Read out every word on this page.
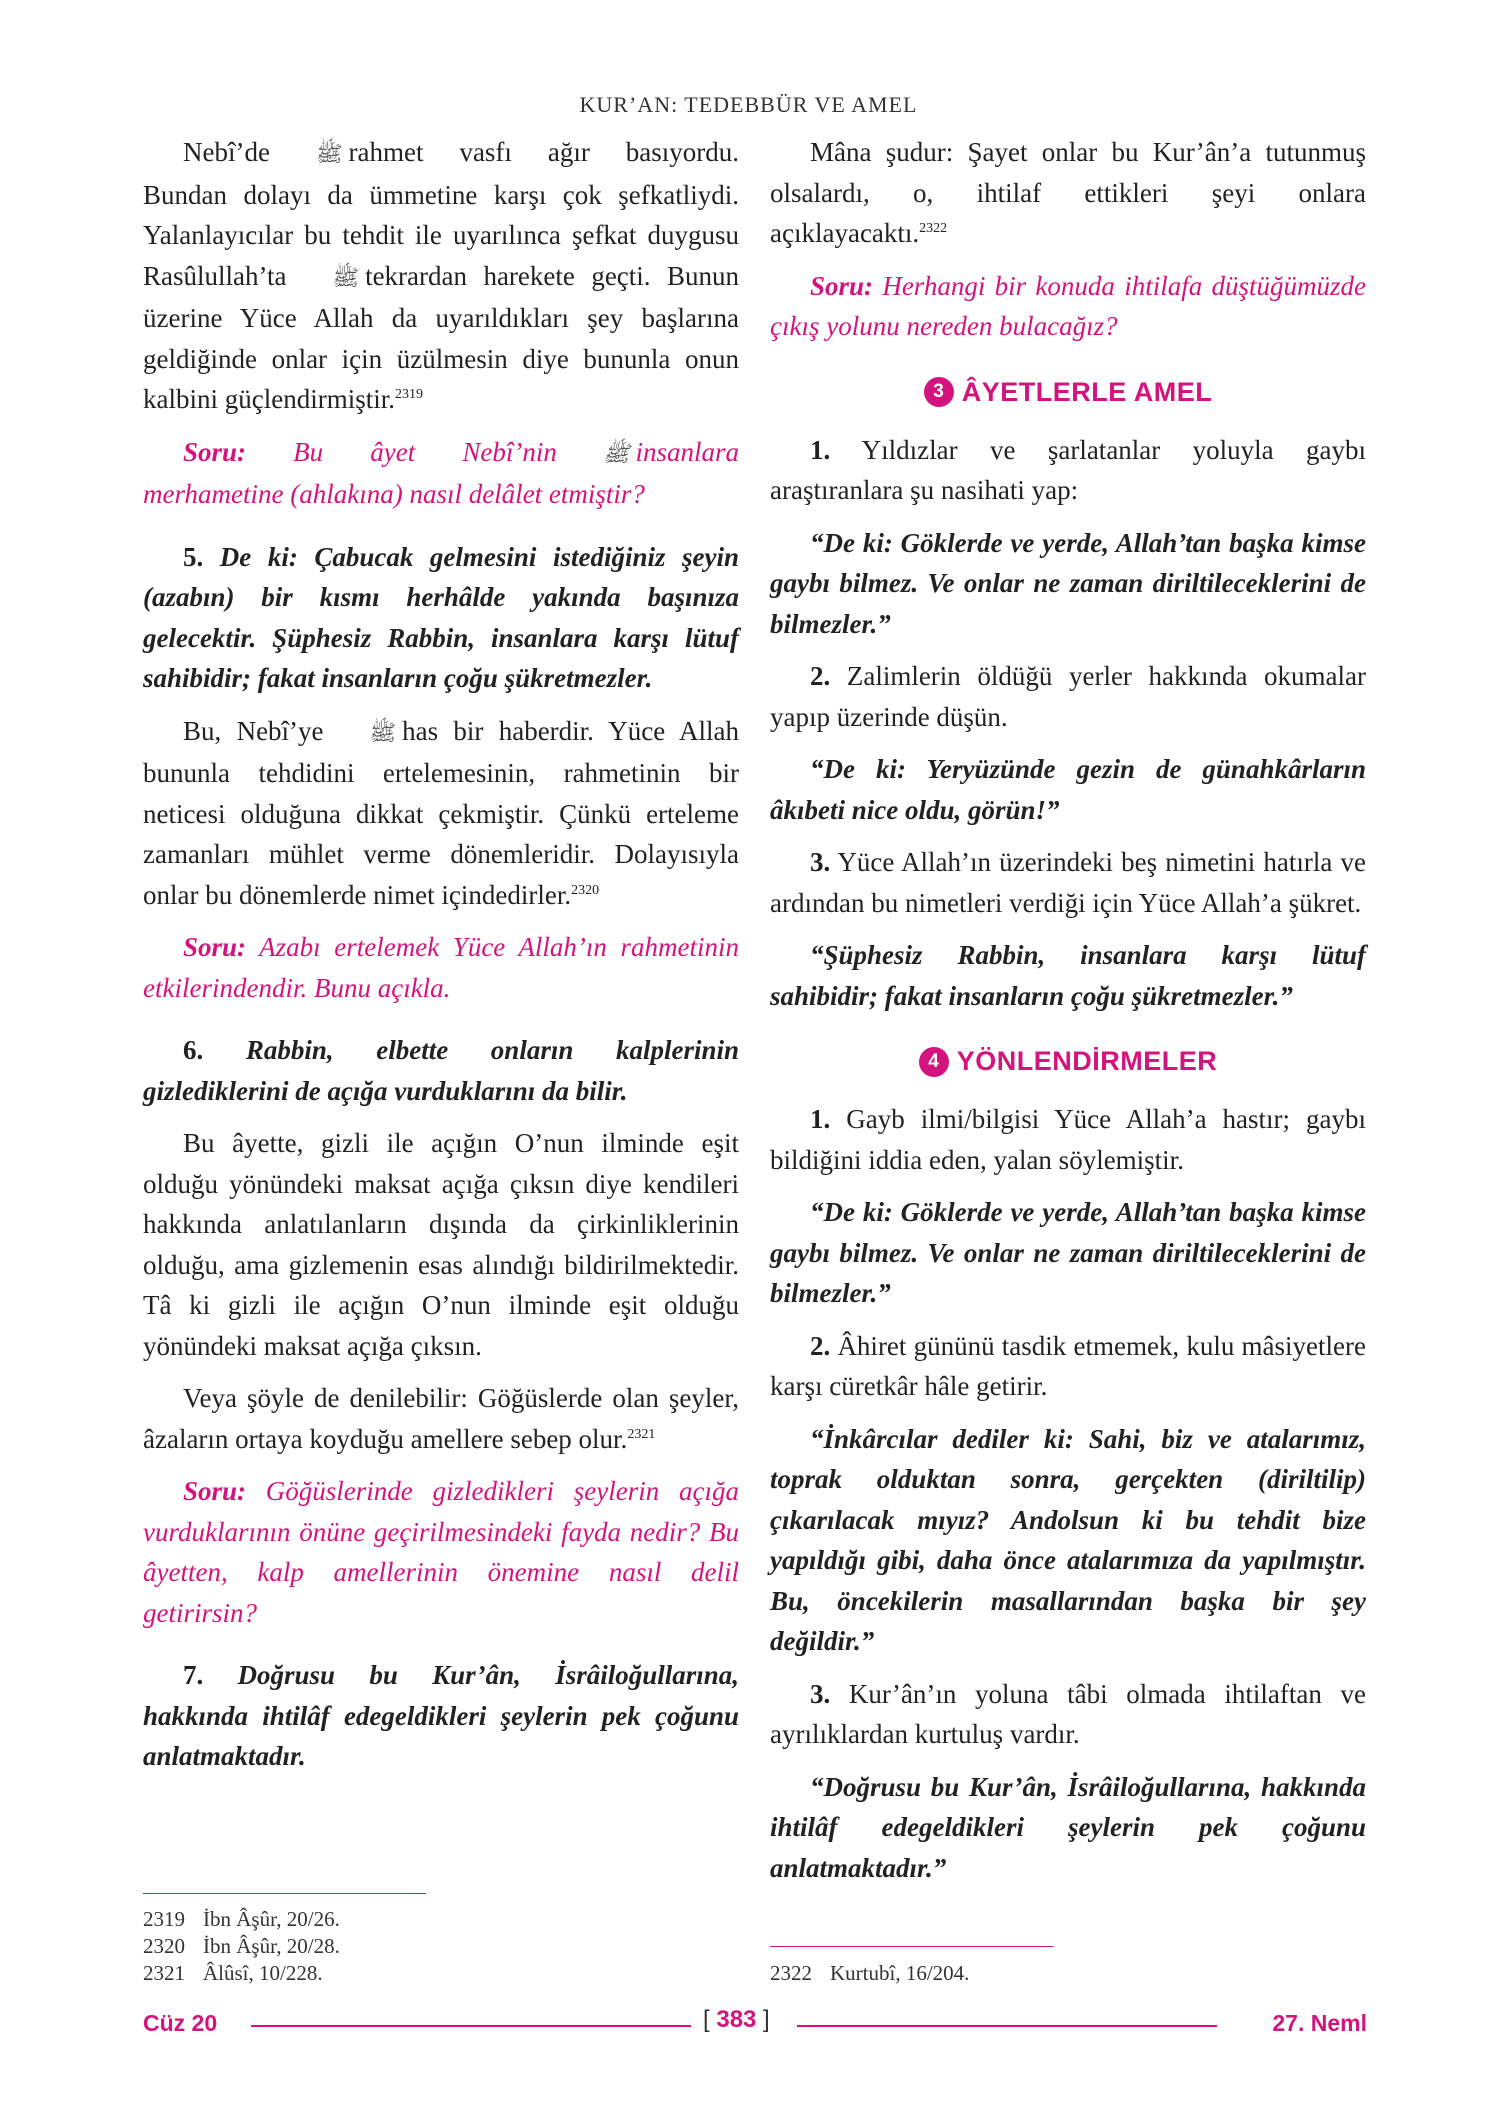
KUR’AN: TEDEBBÜR VE AMEL

Nebî’de ﷺ rahmet vasfı ağır basıyordu. Bundan dolayı da ümmetine karşı çok şefkatliydi. Yalanlayıcılar bu tehdit ile uyarılınca şefkat duygusu Rasûlullah’ta ﷺ tekrardan harekete geçti. Bunun üzerine Yüce Allah da uyarıldıkları şey başlarına geldiğinde onlar için üzülmesin diye bununla onun kalbini güçlendirmiştir.$^{2319}$

Soru: Bu âyet Nebî’nin ﷺ insanlara merhametine (ahlakına) nasıl delâlet etmiştir?

5. De ki: Çabucak gelmesini istediğiniz şeyin (azabın) bir kısmı herhâlde yakında başınıza gelecektir. Şüphesiz Rabbin, insanlara karşı lütuf sahibidir; fakat insanların çoğu şükretmezler.

Bu, Nebî’ye ﷺ has bir haberdir. Yüce Allah bununla tehdidini ertelemesinin, rahmetinin bir neticesi olduğuna dikkat çekmiştir. Çünkü erteleme zamanları mühlet verme dönemleridir. Dolayısıyla onlar bu dönemlerde nimet içindedirler.$^{2320}$

Soru: Azabı ertelemek Yüce Allah’ın rahmetinin etkilerindendir. Bunu açıkla.

6. Rabbin, elbette onların kalplerinin gizlediklerini de açığa vurduklarını da bilir.

Bu âyette, gizli ile açığın O’nun ilminde eşit olduğu yönündeki maksat açığa çıksın diye kendileri hakkında anlatılanların dışında da çirkinliklerinin olduğu, ama gizlemenin esas alındığı bildirilmektedir. Tâ ki gizli ile açığın O’nun ilminde eşit olduğu yönündeki maksat açığa çıksın.

Veya şöyle de denilebilir: Göğüslerde olan şeyler, âzaların ortaya koyduğu amellere sebep olur.$^{2321}$

Soru: Göğüslerinde gizledikleri şeylerin açığa vurduklarının önüne geçirilmesindeki fayda nedir? Bu âyetten, kalp amellerinin önemine nasıl delil getirirsin?

7. Doğrusu bu Kur’ân, İsrâiloğullarına, hakkında ihtilâf edegeldikleri şeylerin pek çoğunu anlatmaktadır.

Mâna şudur: Şayet onlar bu Kur’ân’a tutunmuş olsalardı, o, ihtilaf ettikleri şeyi onlara açıklayacaktı.$^{2322}$

Soru: Herhangi bir konuda ihtilafa düştüğümüzde çıkış yolunu nereden bulacağız?

3 ÂYETLERLE AMEL

1. Yıldızlar ve şarlatanlar yoluyla gaybı araştıranlara şu nasihati yap:

“De ki: Göklerde ve yerde, Allah’tan başka kimse gaybı bilmez. Ve onlar ne zaman diriltileceklerini de bilmezler.”

2. Zalimlerin öldüğü yerler hakkında okumalar yapıp üzerinde düşün.

“De ki: Yeryüzünde gezin de günahkârların âkıbeti nice oldu, görün!”

3. Yüce Allah’ın üzerindeki beş nimetini hatırla ve ardından bu nimetleri verdiği için Yüce Allah’a şükret.

“Şüphesiz Rabbin, insanlara karşı lütuf sahibidir; fakat insanların çoğu şükretmezler.”

4 YÖNLENDİRMELER

1. Gayb ilmi/bilgisi Yüce Allah’a hastır; gaybı bildiğini iddia eden, yalan söylemiştir.

“De ki: Göklerde ve yerde, Allah’tan başka kimse gaybı bilmez. Ve onlar ne zaman diriltileceklerini de bilmezler.”

2. Âhiret gününü tasdik etmemek, kulu mâsiyetlere karşı cüretkâr hâle getirir.

“İnkârcılar dediler ki: Sahi, biz ve atalarımız, toprak olduktan sonra, gerçekten (diriltilip) çıkarılacak mıyız? Andolsun ki bu tehdit bize yapıldığı gibi, daha önce atalarımıza da yapılmıştır. Bu, öncekilerin masallarından başka bir şey değildir.”

3. Kur’ân’ın yoluna tâbi olmada ihtilaftan ve ayrılıklardan kurtuluş vardır.

“Doğrusu bu Kur’ân, İsrâiloğullarına, hakkında ihtilâf edegeldikleri şeylerin pek çoğunu anlatmaktadır.”

2319 İbn Âşûr, 20/26.
2320 İbn Âşûr, 20/28.
2321 Âlûsî, 10/228.	2322 Kurtubî, 16/204.
Cüz 20	[ 383 ]	27. Neml
